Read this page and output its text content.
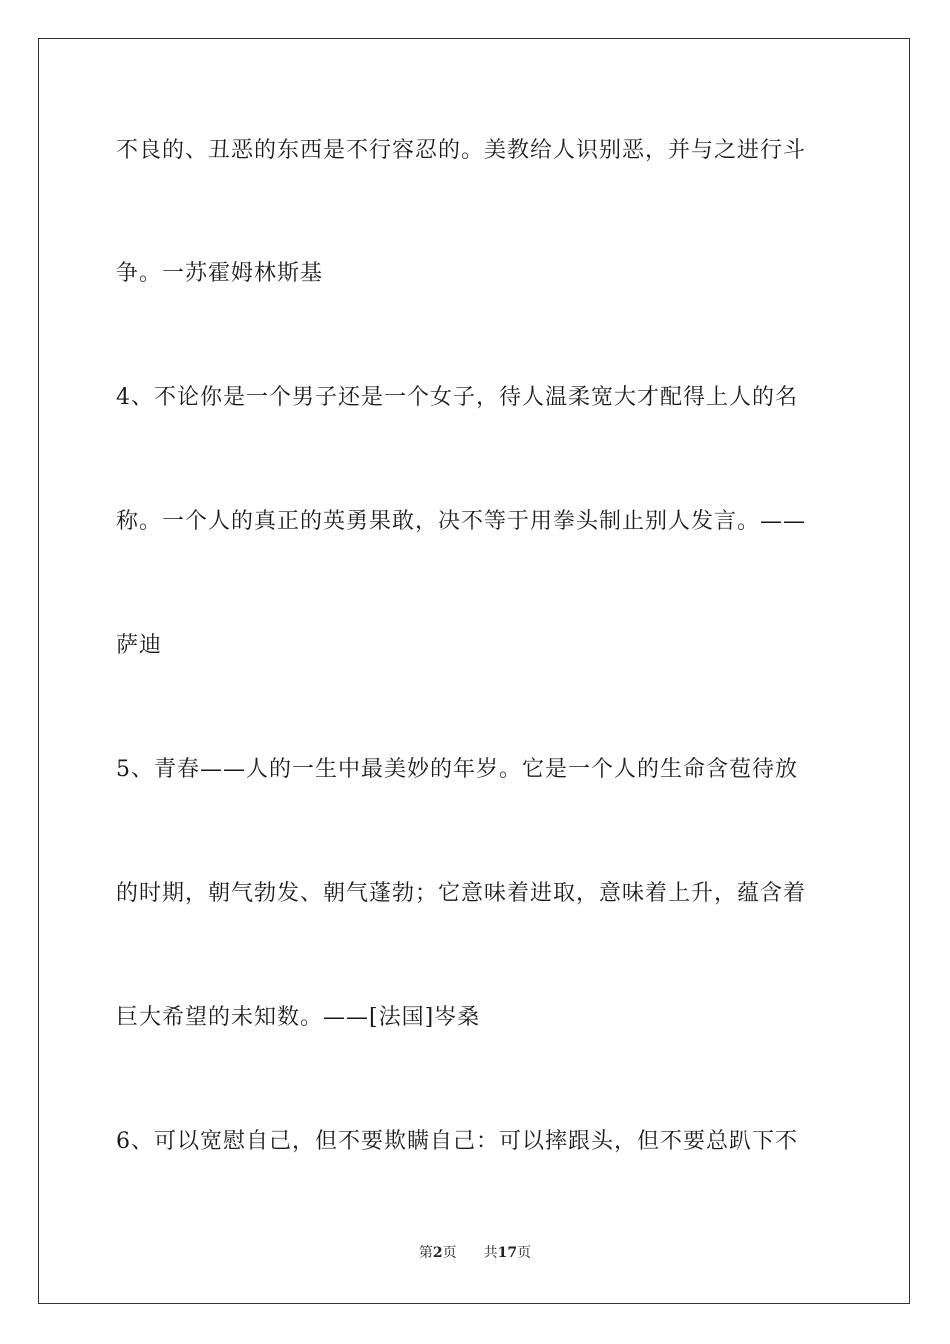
不良的、丑恶的东西是不行容忍的。美教给人识别恶，并与之进行斗
争。一苏霍姆林斯基
4、不论你是一个男子还是一个女子，待人温柔宽大才配得上人的名
称。一个人的真正的英勇果敢，决不等于用拳头制止别人发言。——
萨迪
5、青春——人的一生中最美妙的年岁。它是一个人的生命含苞待放
的时期，朝气勃发、朝气蓬勃；它意味着进取，意味着上升，蕴含着
巨大希望的未知数。——[法国]岑桑
6、可以宽慰自己，但不要欺瞒自己：可以摔跟头，但不要总趴下不
第2页 共17页
